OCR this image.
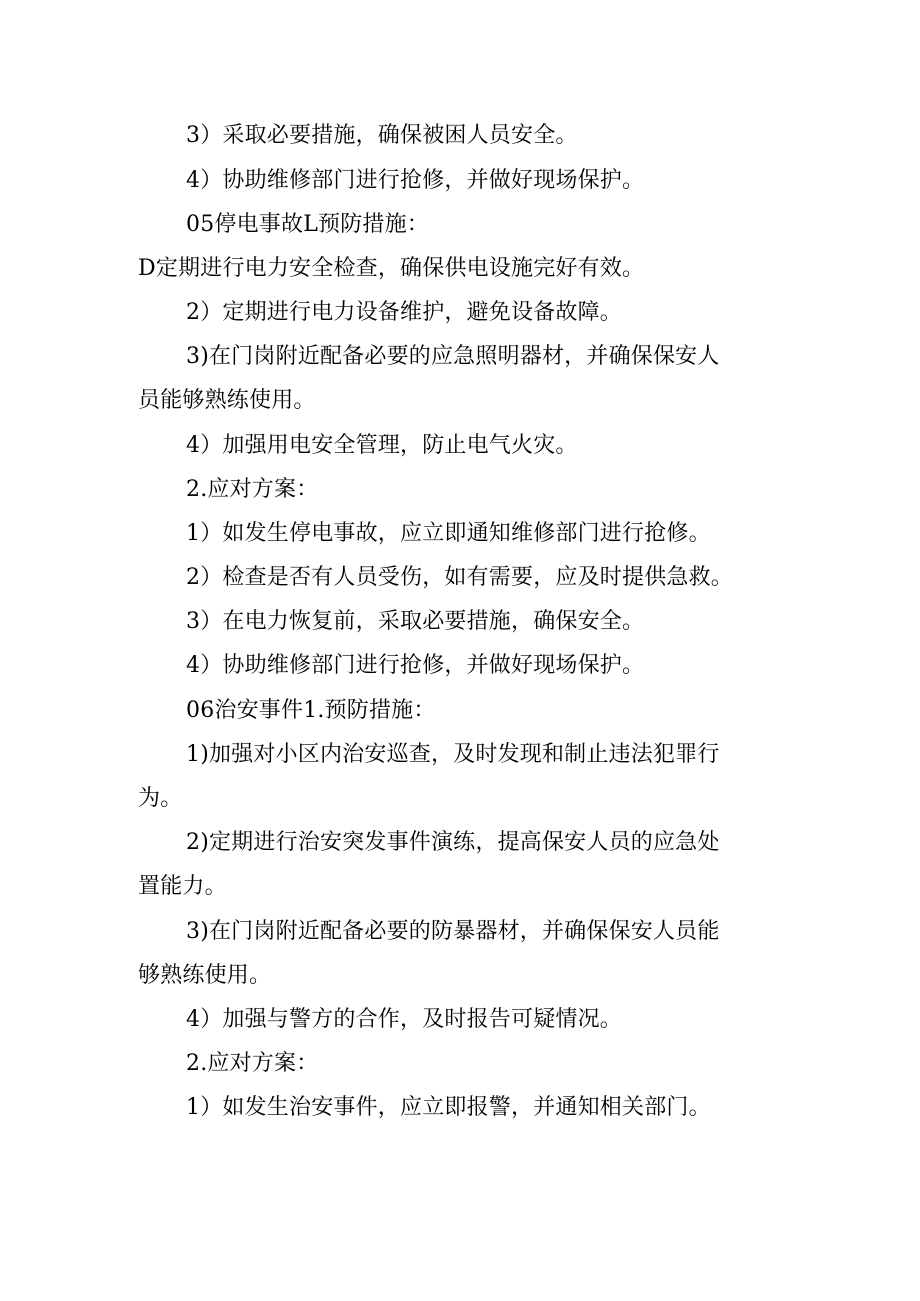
3）采取必要措施，确保被困人员安全。
4）协助维修部门进行抢修，并做好现场保护。
05停电事故L预防措施：
D定期进行电力安全检查，确保供电设施完好有效。
2）定期进行电力设备维护，避免设备故障。
3)在门岗附近配备必要的应急照明器材，并确保保安人
员能够熟练使用。
4）加强用电安全管理，防止电气火灾。
2.应对方案：
1）如发生停电事故，应立即通知维修部门进行抢修。
2）检查是否有人员受伤，如有需要，应及时提供急救。
3）在电力恢复前，采取必要措施，确保安全。
4）协助维修部门进行抢修，并做好现场保护。
06治安事件1.预防措施：
1)加强对小区内治安巡查，及时发现和制止违法犯罪行
为。
2)定期进行治安突发事件演练，提高保安人员的应急处
置能力。
3)在门岗附近配备必要的防暴器材，并确保保安人员能
够熟练使用。
4）加强与警方的合作，及时报告可疑情况。
2.应对方案：
1）如发生治安事件，应立即报警，并通知相关部门。
